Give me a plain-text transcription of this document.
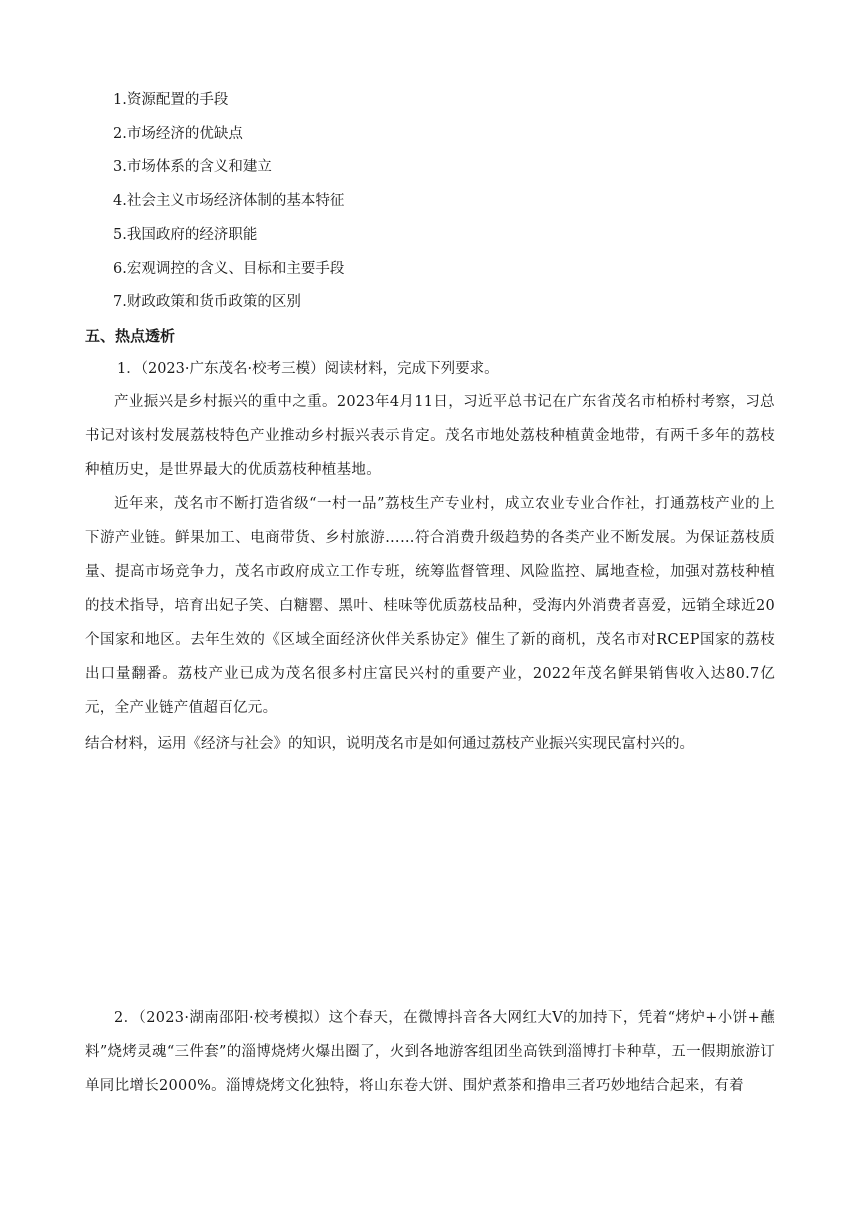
1.资源配置的手段
2.市场经济的优缺点
3.市场体系的含义和建立
4.社会主义市场经济体制的基本特征
5.我国政府的经济职能
6.宏观调控的含义、目标和主要手段
7.财政政策和货币政策的区别
五、热点透析
1．（2023·广东茂名·校考三模）阅读材料，完成下列要求。

产业振兴是乡村振兴的重中之重。2023年4月11日，习近平总书记在广东省茂名市柏桥村考察，习总书记对该村发展荔枝特色产业推动乡村振兴表示肯定。茂名市地处荔枝种植黄金地带，有两千多年的荔枝种植历史，是世界最大的优质荔枝种植基地。

近年来，茂名市不断打造省级“一村一品”荔枝生产专业村，成立农业专业合作社，打通荔枝产业的上下游产业链。鲜果加工、电商带货、乡村旅游……符合消费升级趋势的各类产业不断发展。为保证荔枝质量、提高市场竞争力，茂名市政府成立工作专班，统筹监督管理、风险监控、属地查检，加强对荔枝种植的技术指导，培育出妃子笑、白糖罂、黑叶、桂味等优质荔枝品种，受海内外消费者喜爱，远销全球近20个国家和地区。去年生效的《区域全面经济伙伴关系协定》催生了新的商机，茂名市对RCEP国家的荔枝出口量翻番。荔枝产业已成为茂名很多村庄富民兴村的重要产业，2022年茂名鲜果销售收入达80.7亿元，全产业链产值超百亿元。

结合材料，运用《经济与社会》的知识，说明茂名市是如何通过荔枝产业振兴实现民富村兴的。

2．（2023·湖南邵阳·校考模拟）这个春天，在微博抖音各大网红大V的加持下，凭着“烤炉+小饼+蘸料”烧烤灵魂“三件套”的淄博烧烤火爆出圈了，火到各地游客组团坐高铁到淄博打卡种草，五一假期旅游订单同比增长2000%。淄博烧烤文化独特，将山东卷大饼、围炉煮茶和撸串三者巧妙地结合起来，有着
